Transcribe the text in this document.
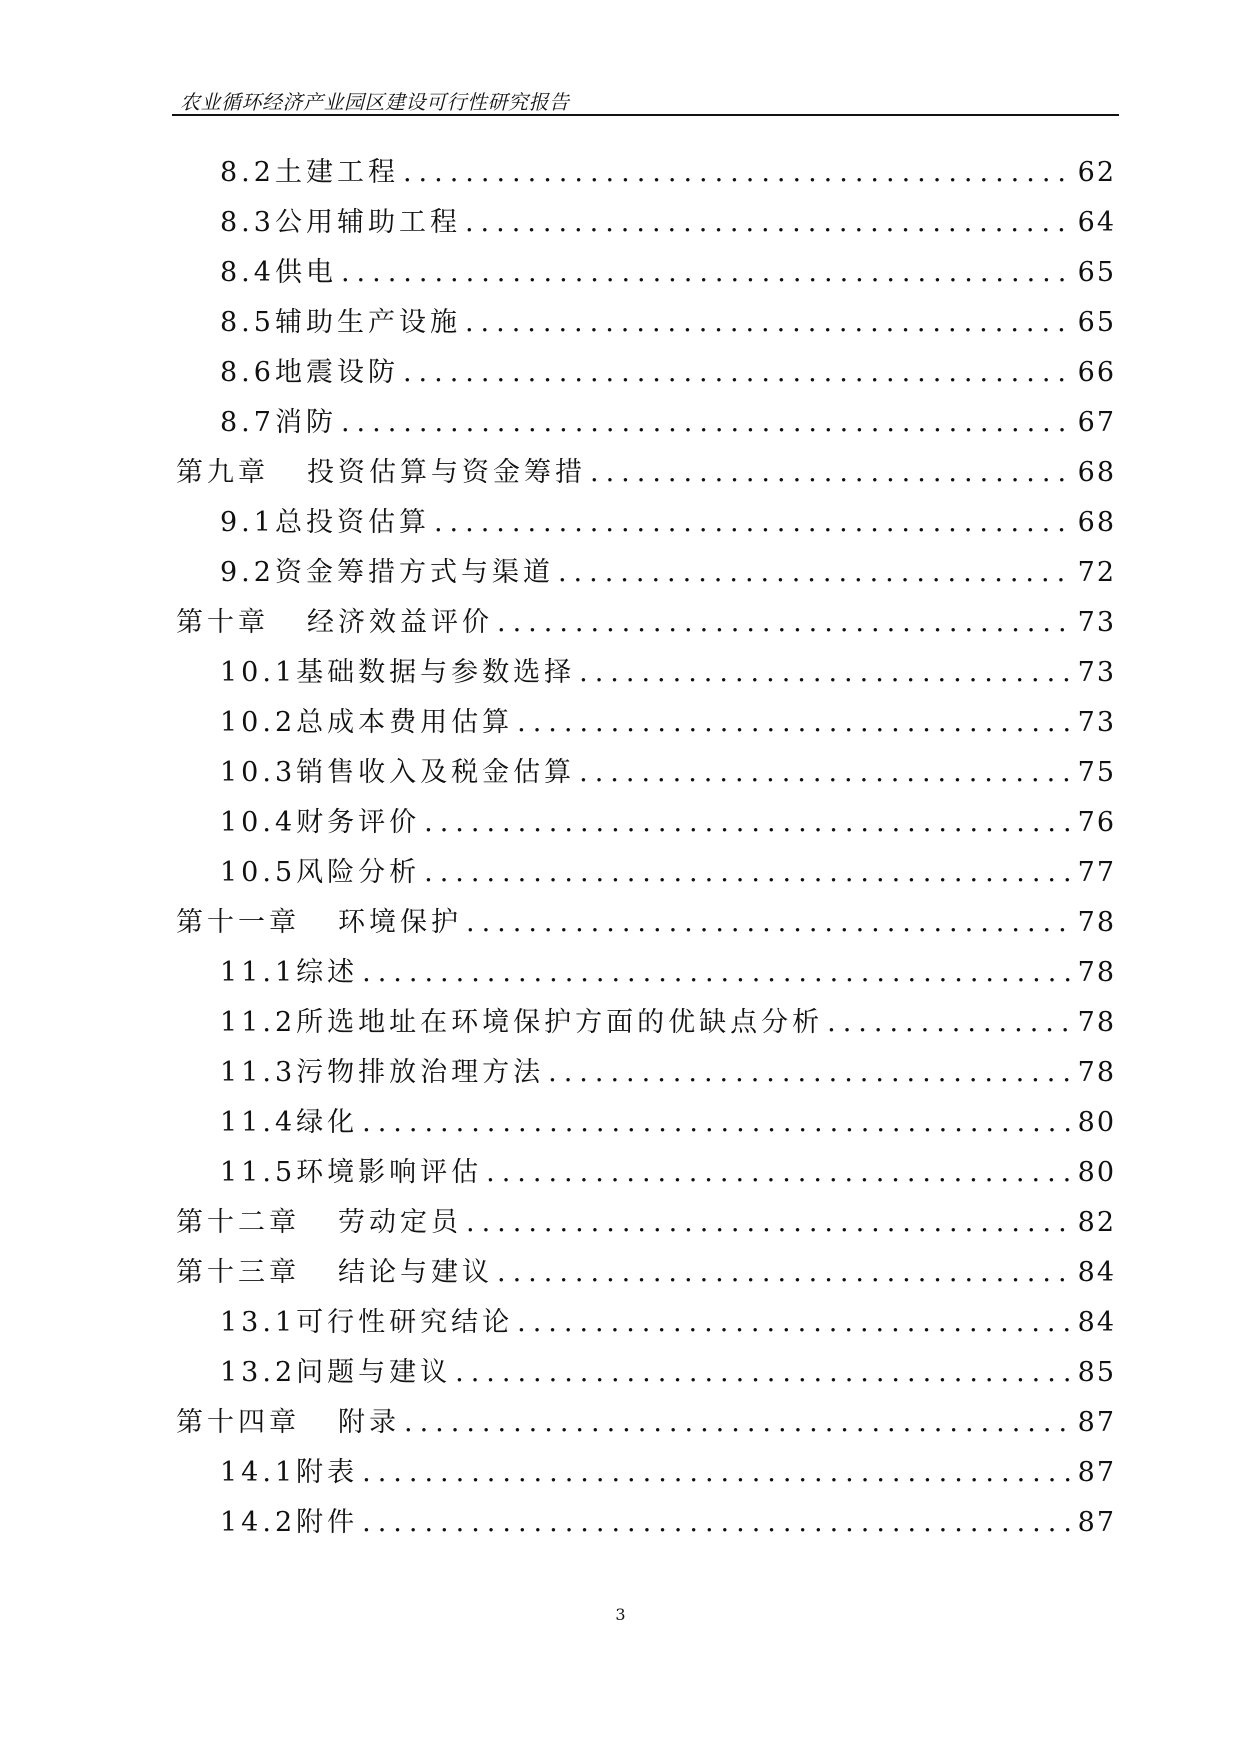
农业循环经济产业园区建设可行性研究报告
8.2土建工程 .....	62
8.3公用辅助工程 .....	64
8.4供电 .....	65
8.5辅助生产设施 .....	65
8.6地震设防 .....	66
8.7消防 .....	67
第九章 投资估算与资金筹措 .....	68
9.1总投资估算 .....	68
9.2资金筹措方式与渠道 .....	72
第十章 经济效益评价 .....	73
10.1基础数据与参数选择 .....	73
10.2总成本费用估算 .....	73
10.3销售收入及税金估算 .....	75
10.4财务评价 .....	76
10.5风险分析 .....	77
第十一章 环境保护 .....	78
11.1综述 .....	78
11.2所选地址在环境保护方面的优缺点分析 .....	78
11.3污物排放治理方法 .....	78
11.4绿化 .....	80
11.5环境影响评估 .....	80
第十二章 劳动定员 .....	82
第十三章 结论与建议 .....	84
13.1可行性研究结论 .....	84
13.2问题与建议 .....	85
第十四章 附录 .....	87
14.1附表 .....	87
14.2附件 .....	87
3
